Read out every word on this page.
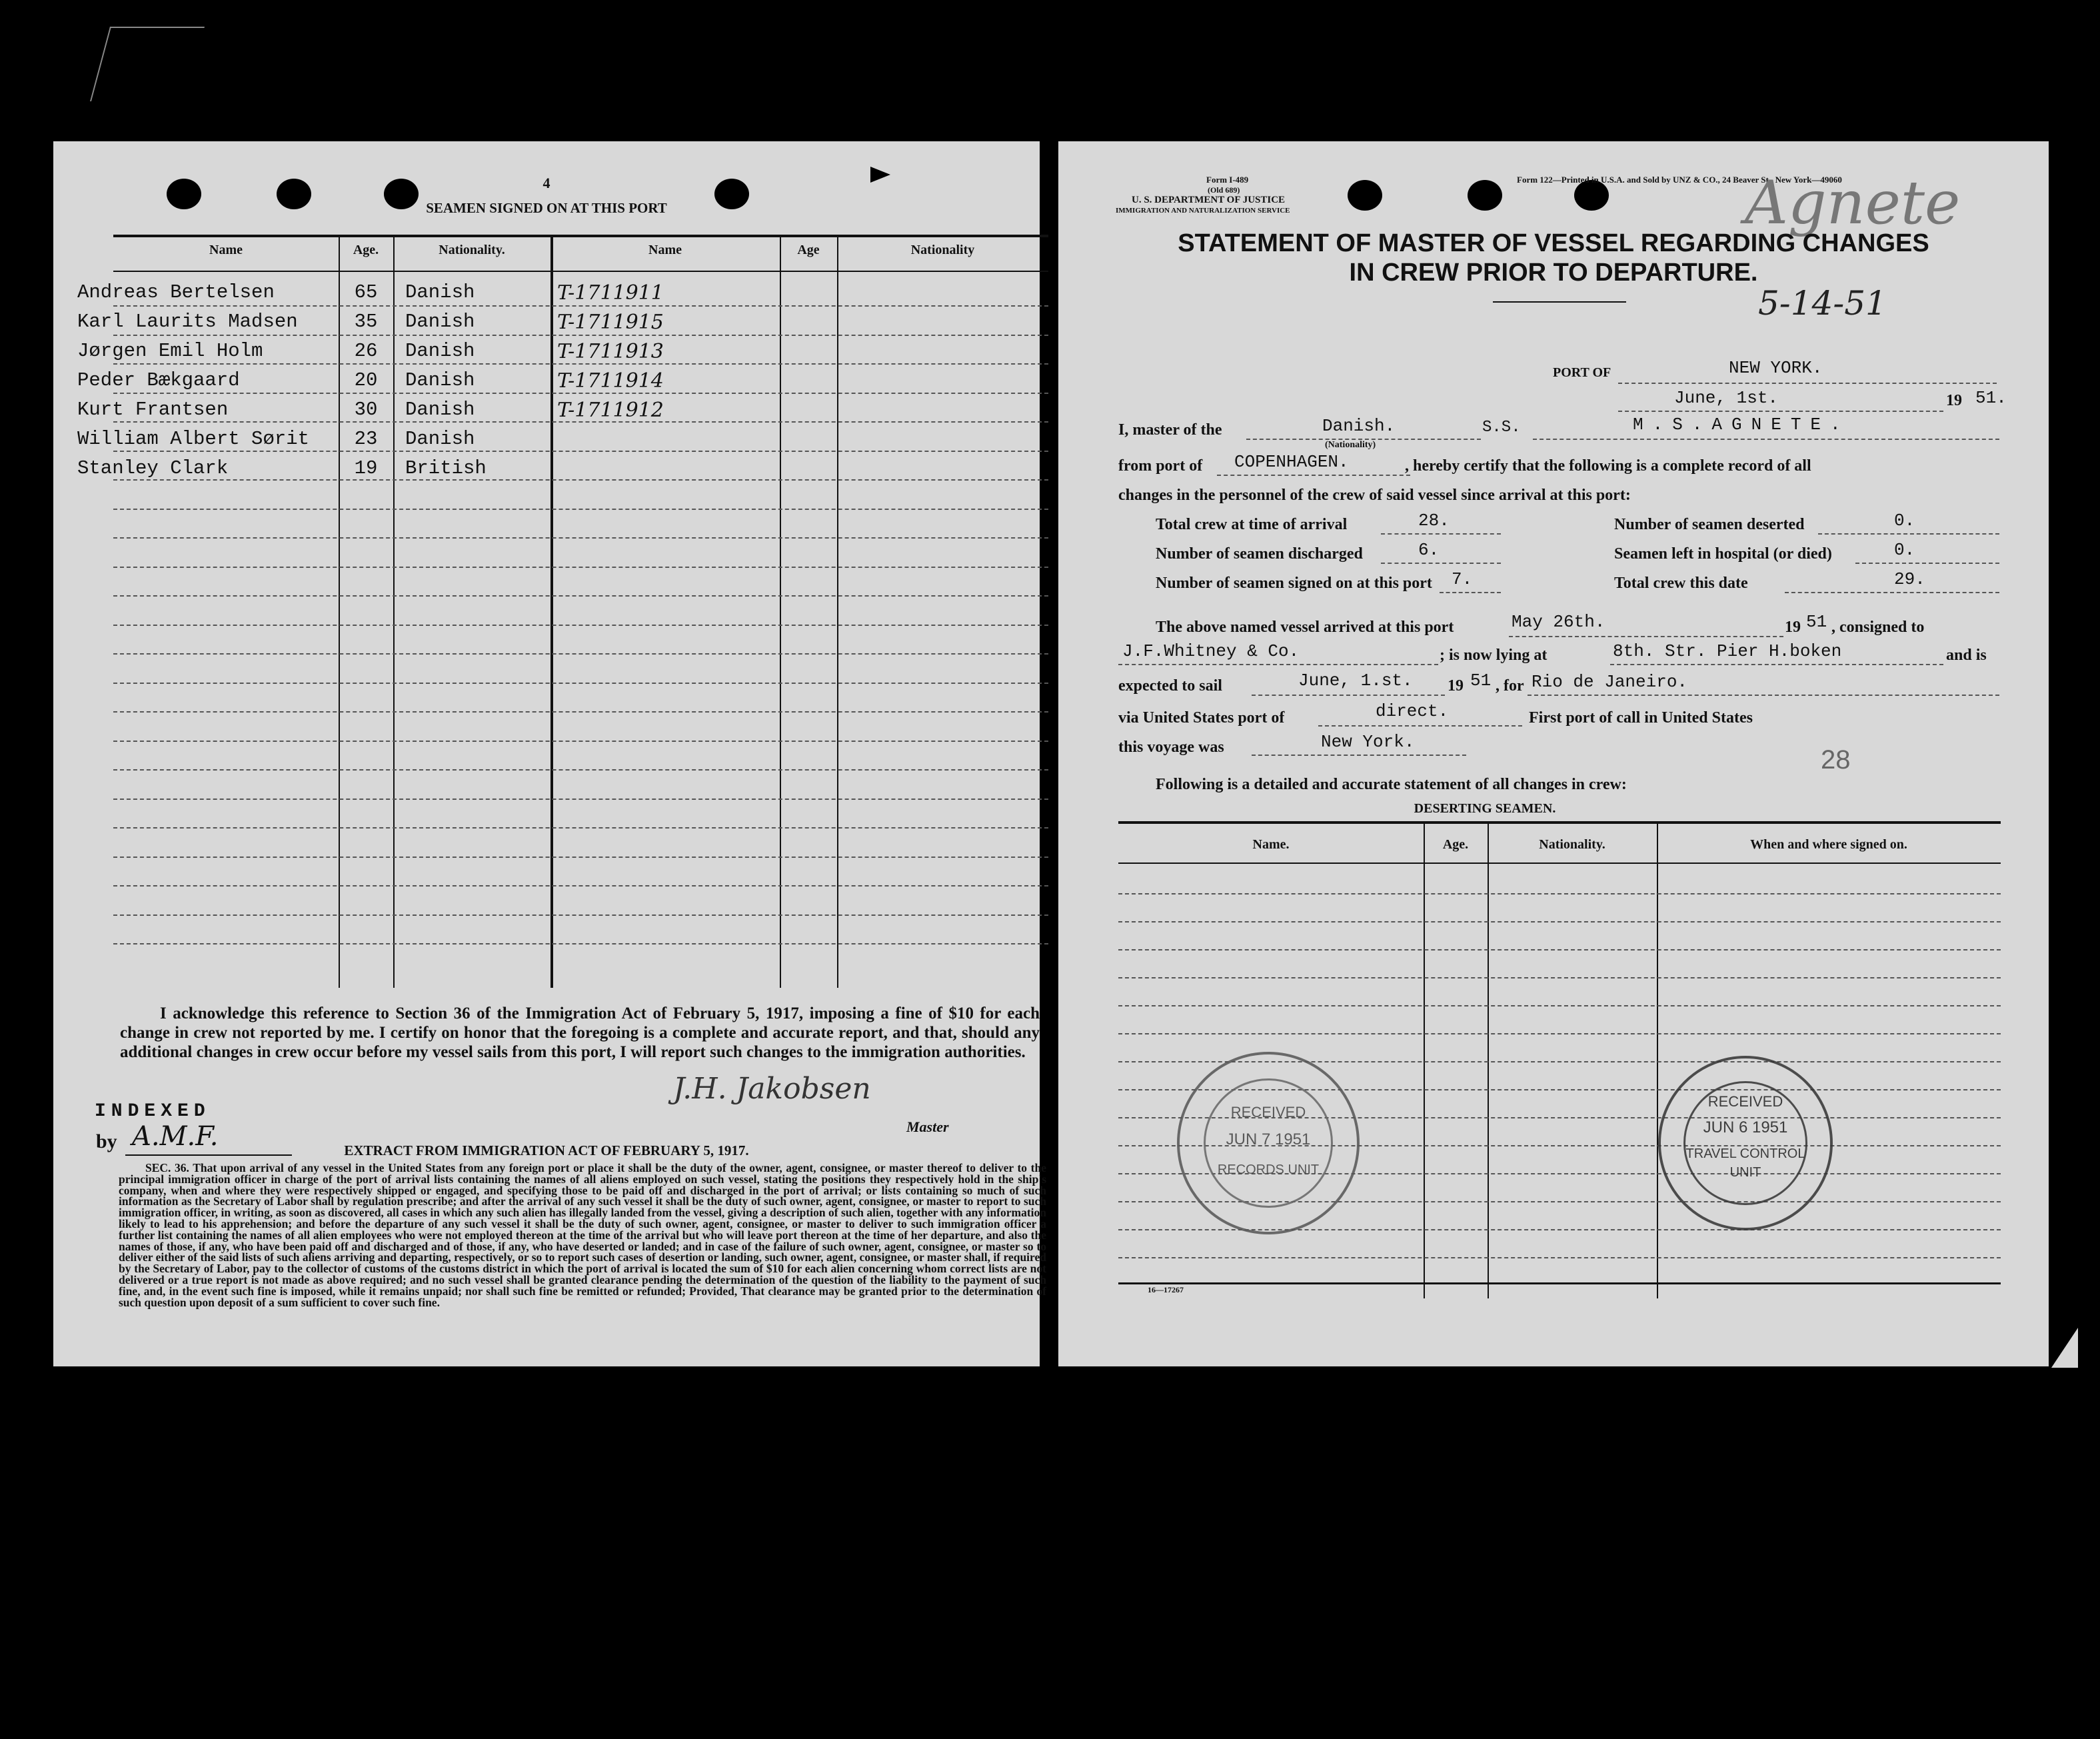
4
SEAMEN SIGNED ON AT THIS PORT
Name	Age.	Nationality.	Name	Age	Nationality
Andreas Bertelsen	65	Danish	T-1711911
Karl Laurits Madsen	35	Danish	T-1711915
Jørgen Emil Holm	26	Danish	T-1711913
Peder Bækgaard	20	Danish	T-1711914
Kurt Frantsen	30	Danish	T-1711912
William Albert Sørit	23	Danish
Stanley Clark	19	British
I acknowledge this reference to Section 36 of the Immigration Act of February 5, 1917, imposing a fine of $10 for each change in crew not reported by me. I certify on honor that the foregoing is a complete and accurate report, and that, should any additional changes in crew occur before my vessel sails from this port, I will report such changes to the immigration authorities.
INDEXED
by A.M.F.
J.H. Jakobsen
Master
EXTRACT FROM IMMIGRATION ACT OF FEBRUARY 5, 1917.
SEC. 36. That upon arrival of any vessel in the United States from any foreign port or place it shall be the duty of the owner, agent, consignee, or master thereof to deliver to the principal immigration officer in charge of the port of arrival lists containing the names of all aliens employed on such vessel, stating the positions they respectively hold in the ship's company, when and where they were respectively shipped or engaged, and specifying those to be paid off and discharged in the port of arrival; or lists containing so much of such information as the Secretary of Labor shall by regulation prescribe; and after the arrival of any such vessel it shall be the duty of such owner, agent, consignee, or master to report to such immigration officer, in writing, as soon as discovered, all cases in which any such alien has illegally landed from the vessel, giving a description of such alien, together with any information likely to lead to his apprehension; and before the departure of any such vessel it shall be the duty of such owner, agent, consignee, or master to deliver to such immigration officer a further list containing the names of all alien employees who were not employed thereon at the time of the arrival but who will leave port thereon at the time of her departure, and also the names of those, if any, who have been paid off and discharged and of those, if any, who have deserted or landed; and in case of the failure of such owner, agent, consignee, or master so to deliver either of the said lists of such aliens arriving and departing, respectively, or so to report such cases of desertion or landing, such owner, agent, consignee, or master shall, if required by the Secretary of Labor, pay to the collector of customs of the customs district in which the port of arrival is located the sum of $10 for each alien concerning whom correct lists are not delivered or a true report is not made as above required; and no such vessel shall be granted clearance pending the determination of the question of the liability to the payment of such fine, and, in the event such fine is imposed, while it remains unpaid; nor shall such fine be remitted or refunded; Provided, That clearance may be granted prior to the determination of such question upon deposit of a sum sufficient to cover such fine.
Form I-489
(Old 689)
U. S. DEPARTMENT OF JUSTICE
IMMIGRATION AND NATURALIZATION SERVICE
Form 122—Printed in U.S.A. and Sold by UNZ & CO., 24 Beaver St., New York—49060
Agnete
5-14-51
STATEMENT OF MASTER OF VESSEL REGARDING CHANGES
IN CREW PRIOR TO DEPARTURE.
PORT OF	NEW YORK.
June, 1st.	19 51.
I, master of the	Danish.
(Nationality)
S.S.	M.S.AGNETE.
from port of COPENHAGEN.	, hereby certify that the following is a complete record of all
changes in the personnel of the crew of said vessel since arrival at this port:
Total crew at time of arrival	28.	Number of seamen deserted	0.
Number of seamen discharged	6.	Seamen left in hospital (or died)	0.
Number of seamen signed on at this port 7.	Total crew this date	29.
The above named vessel arrived at this port	May 26th.	19 51 , consigned to
J.F.Whitney & Co.	; is now lying at	8th. Str. Pier H.boken	and is
expected to sail	June, 1.st. 19 51 , for Rio de Janeiro.
via United States port of	direct.	First port of call in United States
this voyage was	New York.
28
Following is a detailed and accurate statement of all changes in crew:
DESERTING SEAMEN.
Name.	Age.	Nationality.	When and where signed on.
16—17267
RECEIVED
JUN 7 1951
RECORDS UNIT
RECEIVED
JUN 6 1951
TRAVEL CONTROL
UNIT
